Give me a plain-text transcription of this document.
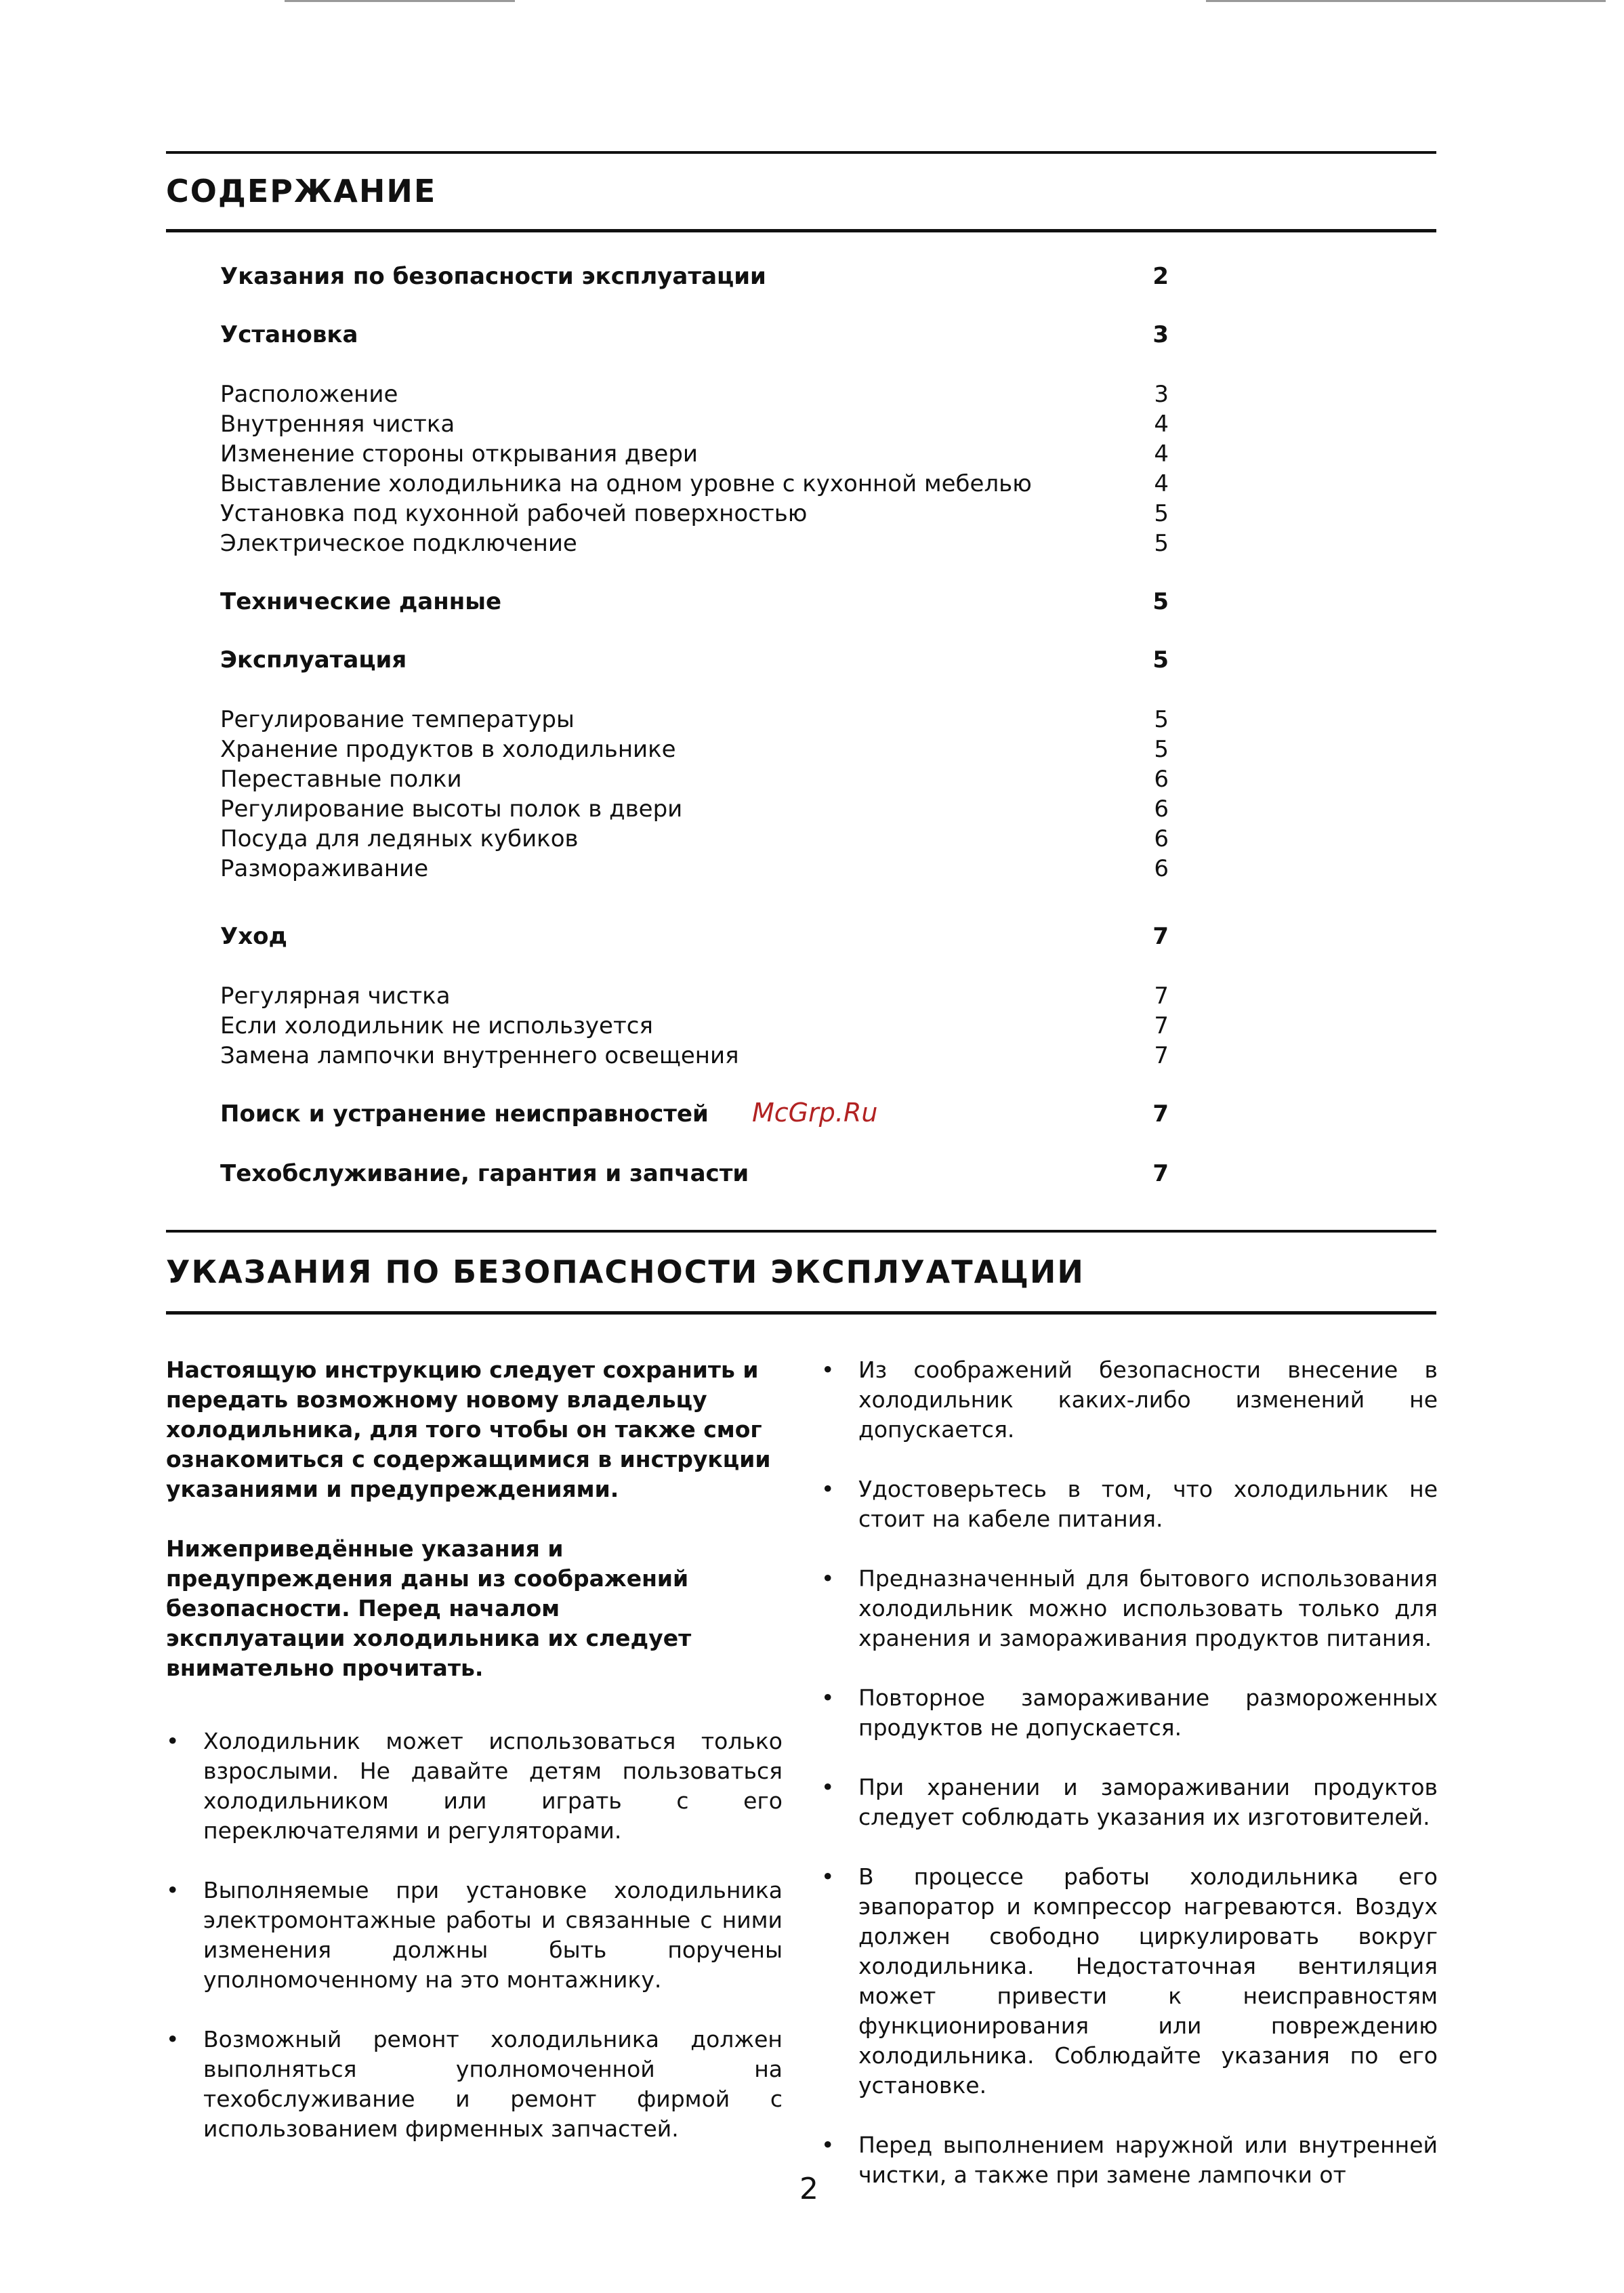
СОДЕРЖАНИЕ
Указания по безопасности эксплуатации	2
Установка	3
Расположение	3
Внутренняя чистка	4
Изменение стороны открывания двери	4
Выставление холодильника на одном уровне с кухонной мебелью	4
Установка под кухонной рабочей поверхностью	5
Электрическое подключение	5
Технические данные	5
Эксплуатация	5
Регулирование температуры	5
Хранение продуктов в холодильнике	5
Переставные полки	6
Регулирование высоты полок в двери	6
Посуда для ледяных кубиков	6
Размораживание	6
Уход	7
Регулярная чистка	7
Если холодильник не используется	7
Замена лампочки внутреннего освещения	7
Поиск и устранение неисправностей	7
Техобслуживание, гарантия и запчасти	7
McGrp.Ru
УКАЗАНИЯ ПО БЕЗОПАСНОСТИ ЭКСПЛУАТАЦИИ

Настоящую инструкцию следует сохранить и передать возможному новому владельцу холодильника, для того чтобы он также смог ознакомиться с содержащимися в инструкции указаниями и предупреждениями.

Нижеприведённые указания и предупреждения даны из соображений безопасности. Перед началом эксплуатации холодильника их следует внимательно прочитать.

• Холодильник может использоваться только взрослыми. Не давайте детям пользоваться холодильником или играть с его переключателями и регуляторами.
• Выполняемые при установке холодильника электромонтажные работы и связанные с ними изменения должны быть поручены уполномоченному на это монтажнику.
• Возможный ремонт холодильника должен выполняться уполномоченной на техобслуживание и ремонт фирмой с использованием фирменных запчастей.
• Из соображений безопасности внесение в холодильник каких-либо изменений не допускается.
• Удостоверьтесь в том, что холодильник не стоит на кабеле питания.
• Предназначенный для бытового использования холодильник можно использовать только для хранения и замораживания продуктов питания.
• Повторное замораживание размороженных продуктов не допускается.
• При хранении и замораживании продуктов следует соблюдать указания их изготовителей.
• В процессе работы холодильника его эвапоратор и компрессор нагреваются. Воздух должен свободно циркулировать вокруг холодильника. Недостаточная вентиляция может привести к неисправностям функционирования или повреждению холодильника. Соблюдайте указания по его установке.
• Перед выполнением наружной или внутренней чистки, а также при замене лампочки от
2
